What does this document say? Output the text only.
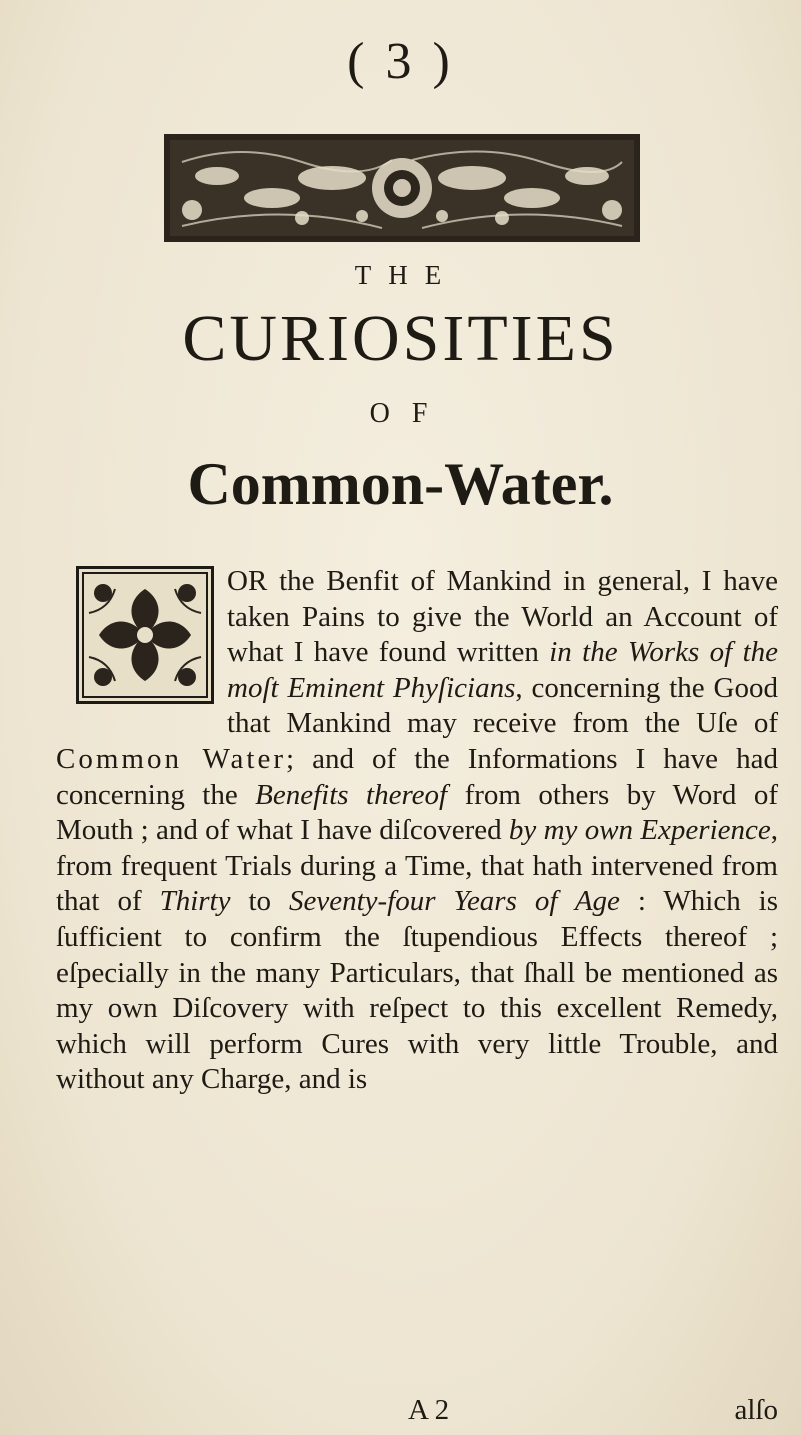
( 3 )
THE
CURIOSITIES
OF
Common-Water.
OR the Benfit of Mankind in general, I have taken Pains to give the World an Account of what I have found written in the Works of the moſt Eminent Phyſicians, concerning the Good that Mankind may receive from the Uſe of Common Water; and of the Informations I have had concerning the Benefits thereof from others by Word of Mouth ; and of what I have diſcovered by my own Experience, from frequent Trials during a Time, that hath intervened from that of Thirty to Seventy-four Years of Age : Which is ſufficient to confirm the ſtupendious Effects thereof ; eſpecially in the many Particulars, that ſhall be mentioned as my own Diſcovery with reſpect to this excellent Remedy, which will perform Cures with very little Trouble, and without any Charge, and is
A 2	alſo
